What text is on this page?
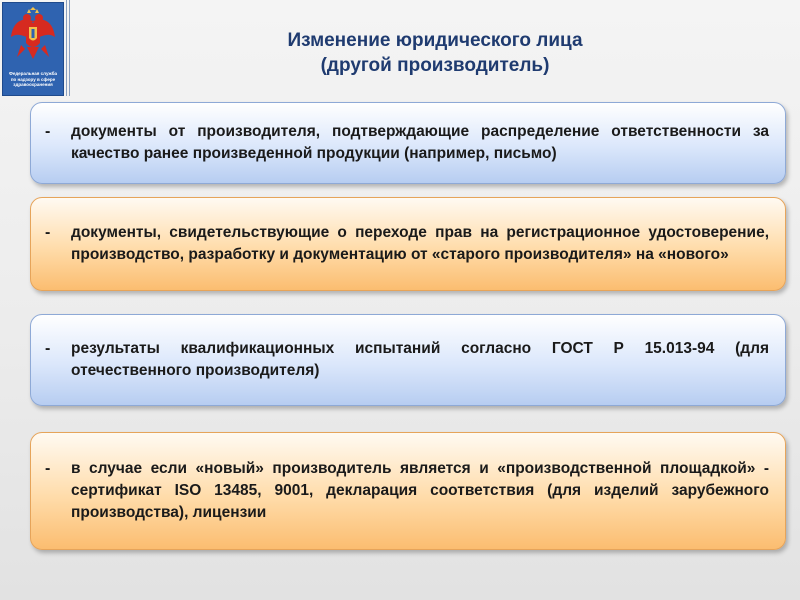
Федеральная служба
по надзору в сфере
здравоохранения
Изменение юридического лица
(другой производитель)
-	документы от производителя, подтверждающие распределение ответственности за качество ранее произведенной продукции (например, письмо)
-	документы, свидетельствующие о переходе прав на регистрационное удостоверение, производство, разработку и документацию от «старого производителя» на «нового»
-	результаты квалификационных испытаний согласно ГОСТ Р 15.013-94 (для отечественного производителя)
-	в случае если «новый» производитель является и «производственной площадкой» - сертификат ISO 13485, 9001, декларация соответствия (для изделий зарубежного производства), лицензии
